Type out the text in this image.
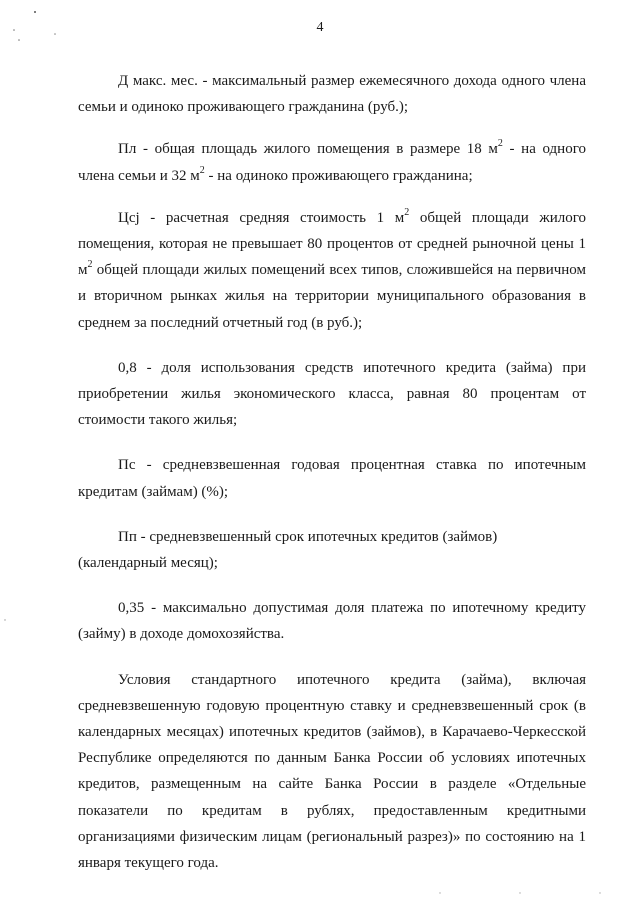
4

Д макс. мес. - максимальный размер ежемесячного дохода одного члена семьи и одиноко проживающего гражданина (руб.);

Пл - общая площадь жилого помещения в размере 18 $м^2$ - на одного члена семьи и 32 $м^2$ - на одиноко проживающего гражданина;

Цсj - расчетная средняя стоимость 1 $м^2$ общей площади жилого помещения, которая не превышает 80 процентов от средней рыночной цены 1 $м^2$ общей площади жилых помещений всех типов, сложившейся на первичном и вторичном рынках жилья на территории муниципального образования в среднем за последний отчетный год (в руб.);

0,8 - доля использования средств ипотечного кредита (займа) при приобретении жилья экономического класса, равная 80 процентам от стоимости такого жилья;

Пс - средневзвешенная годовая процентная ставка по ипотечным кредитам (займам) (%);

Пп - средневзвешенный срок ипотечных кредитов (займов)
(календарный месяц);

0,35 - максимально допустимая доля платежа по ипотечному кредиту (займу) в доходе домохозяйства.

Условия стандартного ипотечного кредита (займа), включая средневзвешенную годовую процентную ставку и средневзвешенный срок (в календарных месяцах) ипотечных кредитов (займов), в Карачаево-Черкесской Республике определяются по данным Банка России об условиях ипотечных кредитов, размещенным на сайте Банка России в разделе «Отдельные показатели по кредитам в рублях, предоставленным кредитными организациями физическим лицам (региональный разрез)» по состоянию на 1 января текущего года.
